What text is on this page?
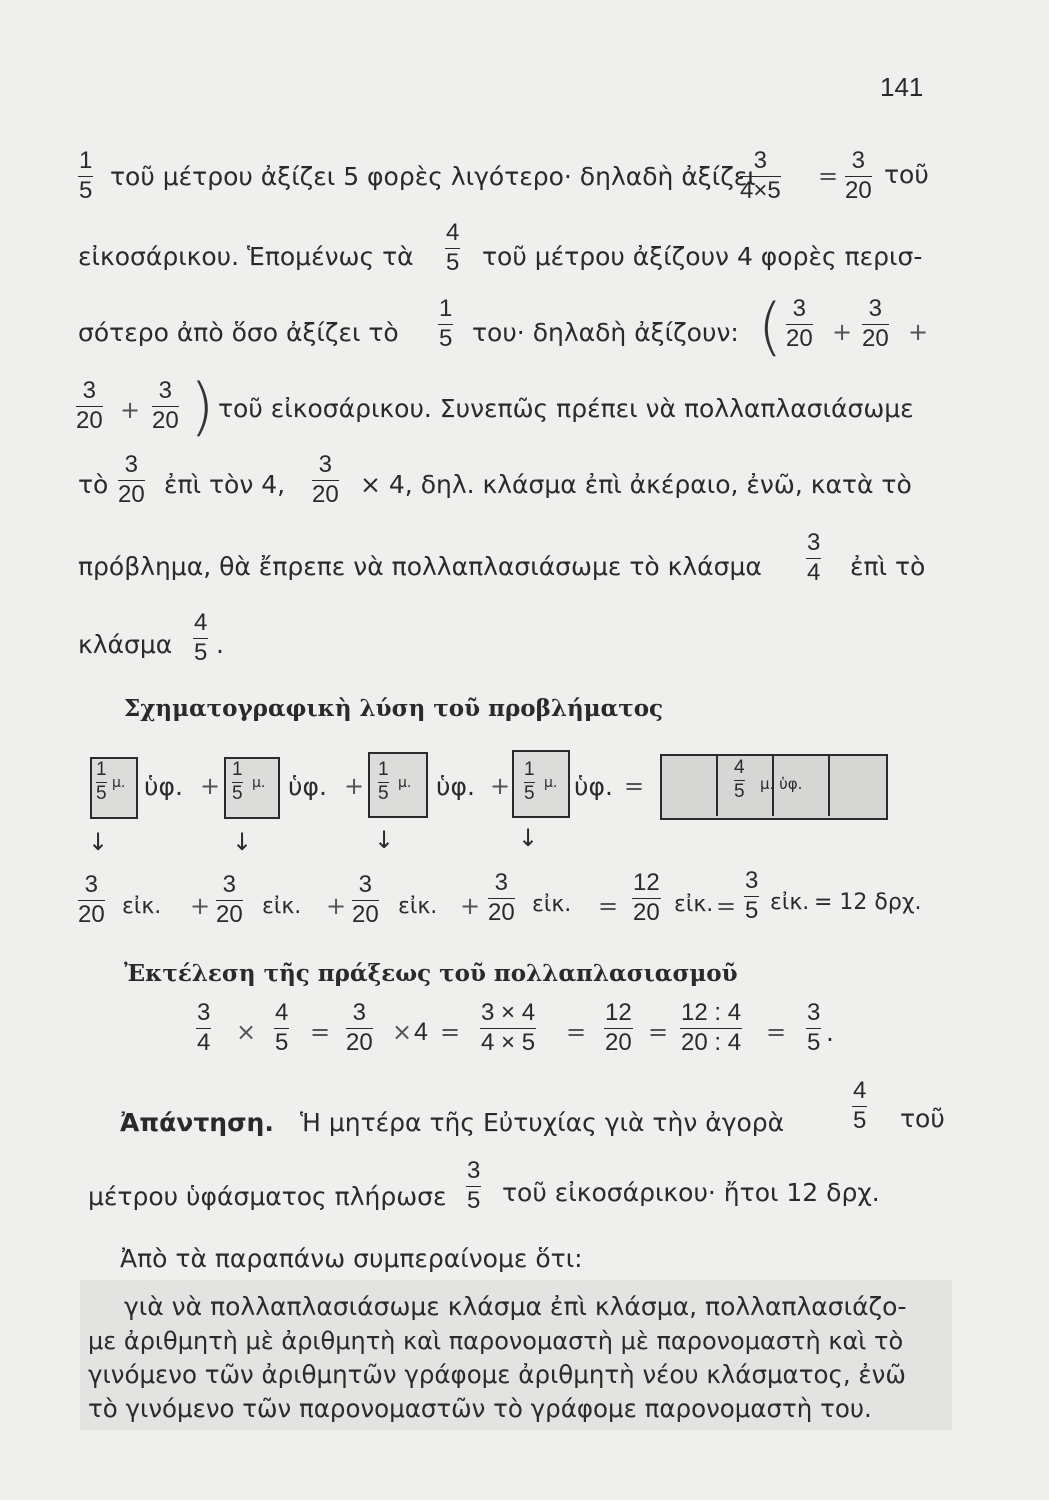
141
1
5 τοῦ μέτρου ἀξίζει 5 φορὲς λιγότερο· δηλαδὴ ἀξίζει
3
4×5
=
3
20
τοῦ
εἰκοσάρικου. Ἑπομένως τὰ
4
5 τοῦ μέτρου ἀξίζουν 4 φορὲς περισ-
σότερο ἀπὸ ὅσο ἀξίζει τὸ
1
5 του· δηλαδὴ ἀξίζουν: ( 3
20 +
3
20 +
3
20 +
3
20 ) τοῦ εἰκοσάρικου. Συνεπῶς πρέπει νὰ πολλαπλασιάσωμε
τὸ
3
20 ἐπὶ τὸν 4,
3
20 × 4, δηλ. κλάσμα ἐπὶ ἀκέραιο, ἐνῶ, κατὰ τὸ
πρόβλημα, θὰ ἔπρεπε νὰ πολλαπλασιάσωμε τὸ κλάσμα
3
4 ἐπὶ τὸ
κλάσμα
4
5 .
Σχηματογραφικὴ λύση τοῦ προβλήματος
1
5 μ. ὑφ. +
1
5 μ. ὑφ. +
1
5 μ. ὑφ. +
1
5 μ. ὑφ. =
4
5 μ. ὑφ.
↓	↓	↓	↓
3
20 εἰκ. +
3
20 εἰκ. +
3
20 εἰκ. +
3
20 εἰκ. =
12
20 εἰκ. =
3
5 εἰκ. = 12 δρχ.
Ἐκτέλεση τῆς πράξεως τοῦ πολλαπλασιασμοῦ
3
4 ×
4
5 =
3
20 × 4 =
3 × 4
4 × 5 =
12
20 =
12 : 4
20 : 4 =
3
5 .
Ἀπάντηση. Ἡ μητέρα τῆς Εὐτυχίας γιὰ τὴν ἀγορὰ
4
5 τοῦ
μέτρου ὑφάσματος πλήρωσε
3
5 τοῦ εἰκοσάρικου· ἤτοι 12 δρχ.
Ἀπὸ τὰ παραπάνω συμπεραίνομε ὅτι:
γιὰ νὰ πολλαπλασιάσωμε κλάσμα ἐπὶ κλάσμα, πολλαπλασιάζο-
με ἀριθμητὴ μὲ ἀριθμητὴ καὶ παρονομαστὴ μὲ παρονομαστὴ καὶ τὸ
γινόμενο τῶν ἀριθμητῶν γράφομε ἀριθμητὴ νέου κλάσματος, ἐνῶ
τὸ γινόμενο τῶν παρονομαστῶν τὸ γράφομε παρονομαστὴ του.
